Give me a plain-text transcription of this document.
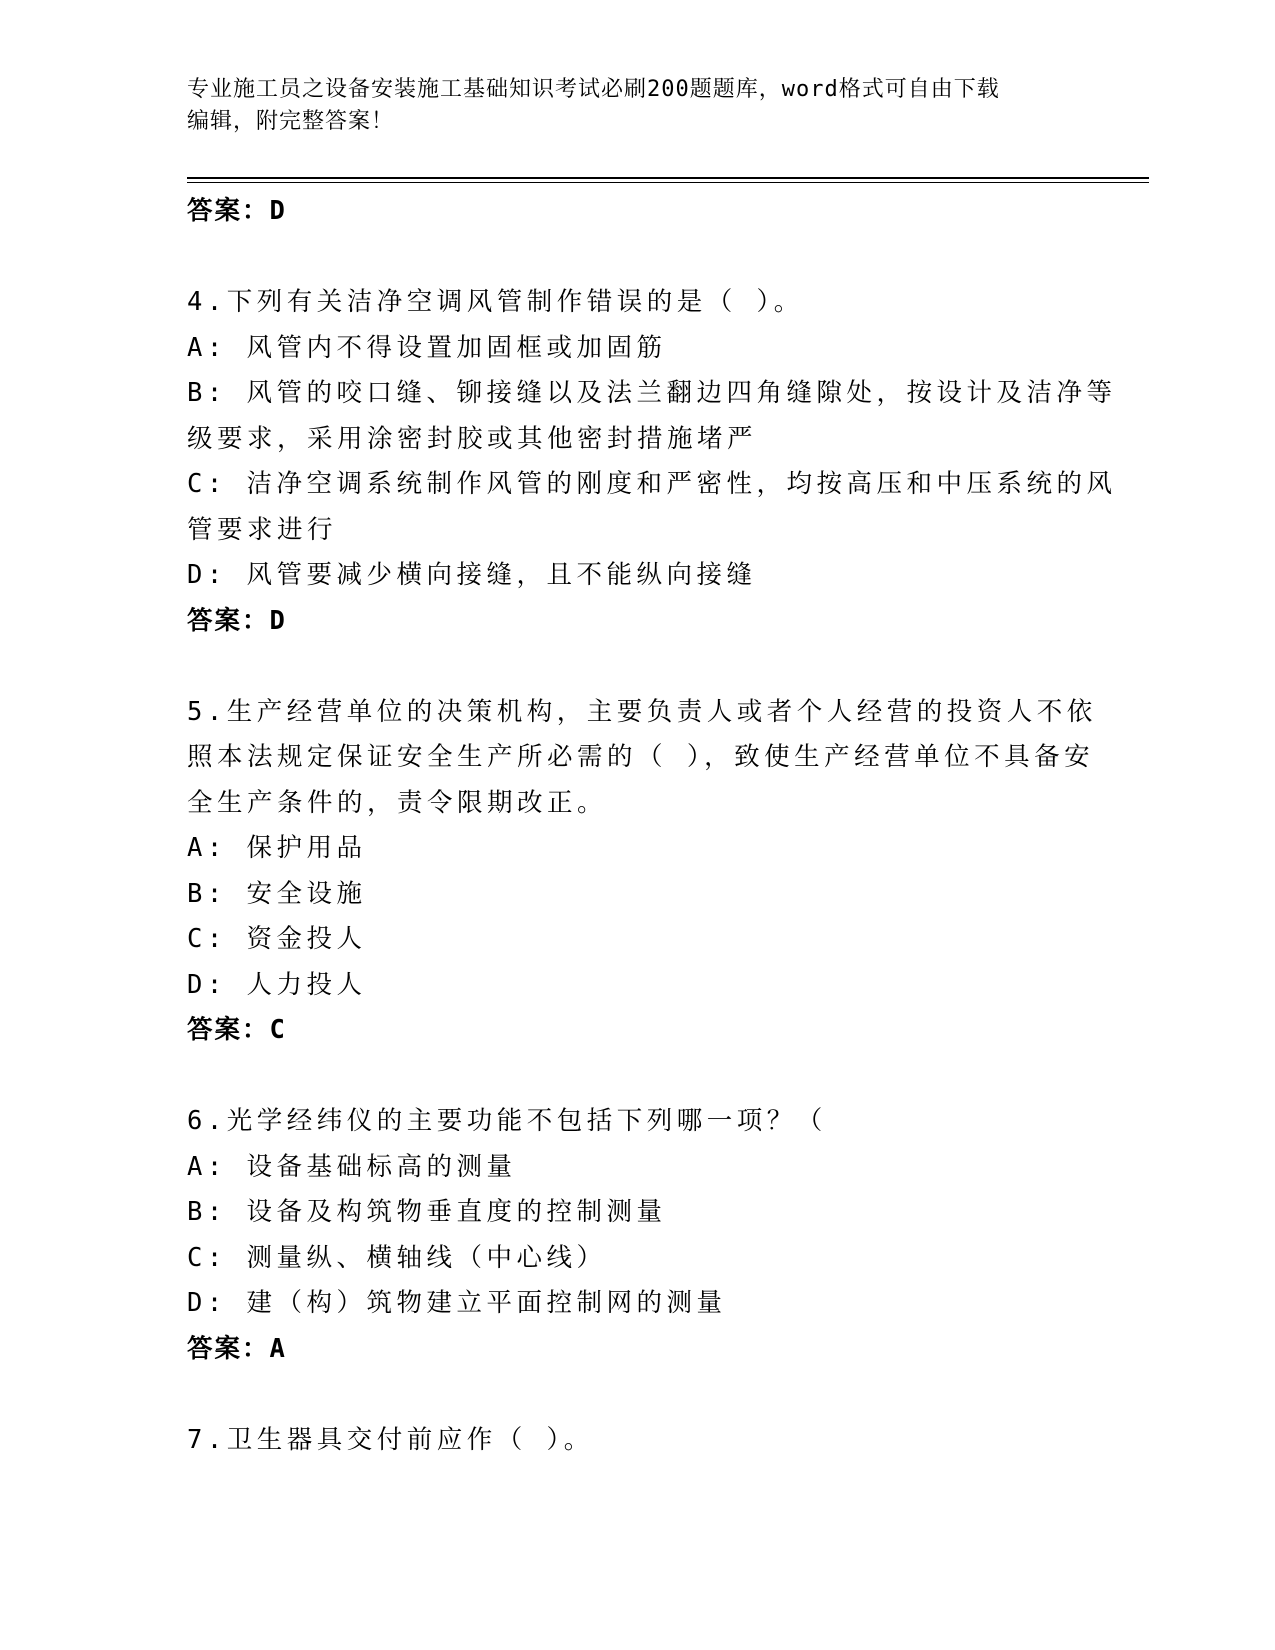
专业施工员之设备安装施工基础知识考试必刷200题题库，word格式可自由下载
编辑，附完整答案！
答案：D
4.下列有关洁净空调风管制作错误的是（ ）。
A: 风管内不得设置加固框或加固筋
B: 风管的咬口缝、铆接缝以及法兰翻边四角缝隙处，按设计及洁净等
级要求，采用涂密封胶或其他密封措施堵严
C: 洁净空调系统制作风管的刚度和严密性，均按高压和中压系统的风
管要求进行
D: 风管要减少横向接缝，且不能纵向接缝
答案：D
5.生产经营单位的决策机构，主要负责人或者个人经营的投资人不依
照本法规定保证安全生产所必需的（ ），致使生产经营单位不具备安
全生产条件的，责令限期改正。
A: 保护用品
B: 安全设施
C: 资金投人
D: 人力投人
答案：C
6.光学经纬仪的主要功能不包括下列哪一项？（
A: 设备基础标高的测量
B: 设备及构筑物垂直度的控制测量
C: 测量纵、横轴线（中心线）
D: 建（构）筑物建立平面控制网的测量
答案：A
7.卫生器具交付前应作（ ）。
